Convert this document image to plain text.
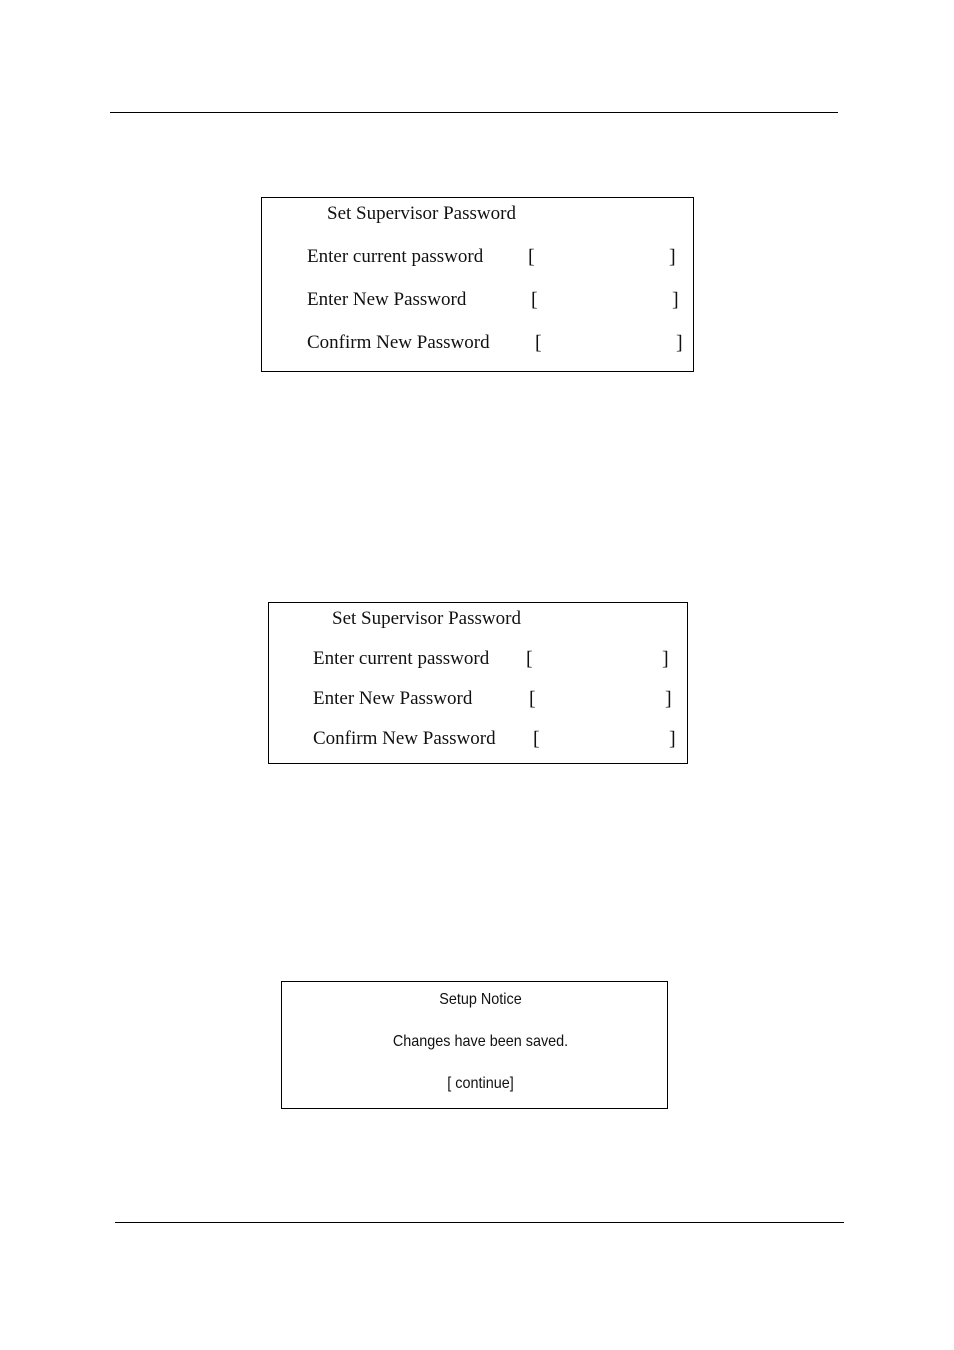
Set Supervisor Password
Enter current password [	]
Enter New Password	[	]
Confirm New Password [	]
Set Supervisor Password
Enter current password [	]
Enter New Password	[	]
Confirm New Password [	]
Setup Notice
Changes have been saved.
[ continue]
